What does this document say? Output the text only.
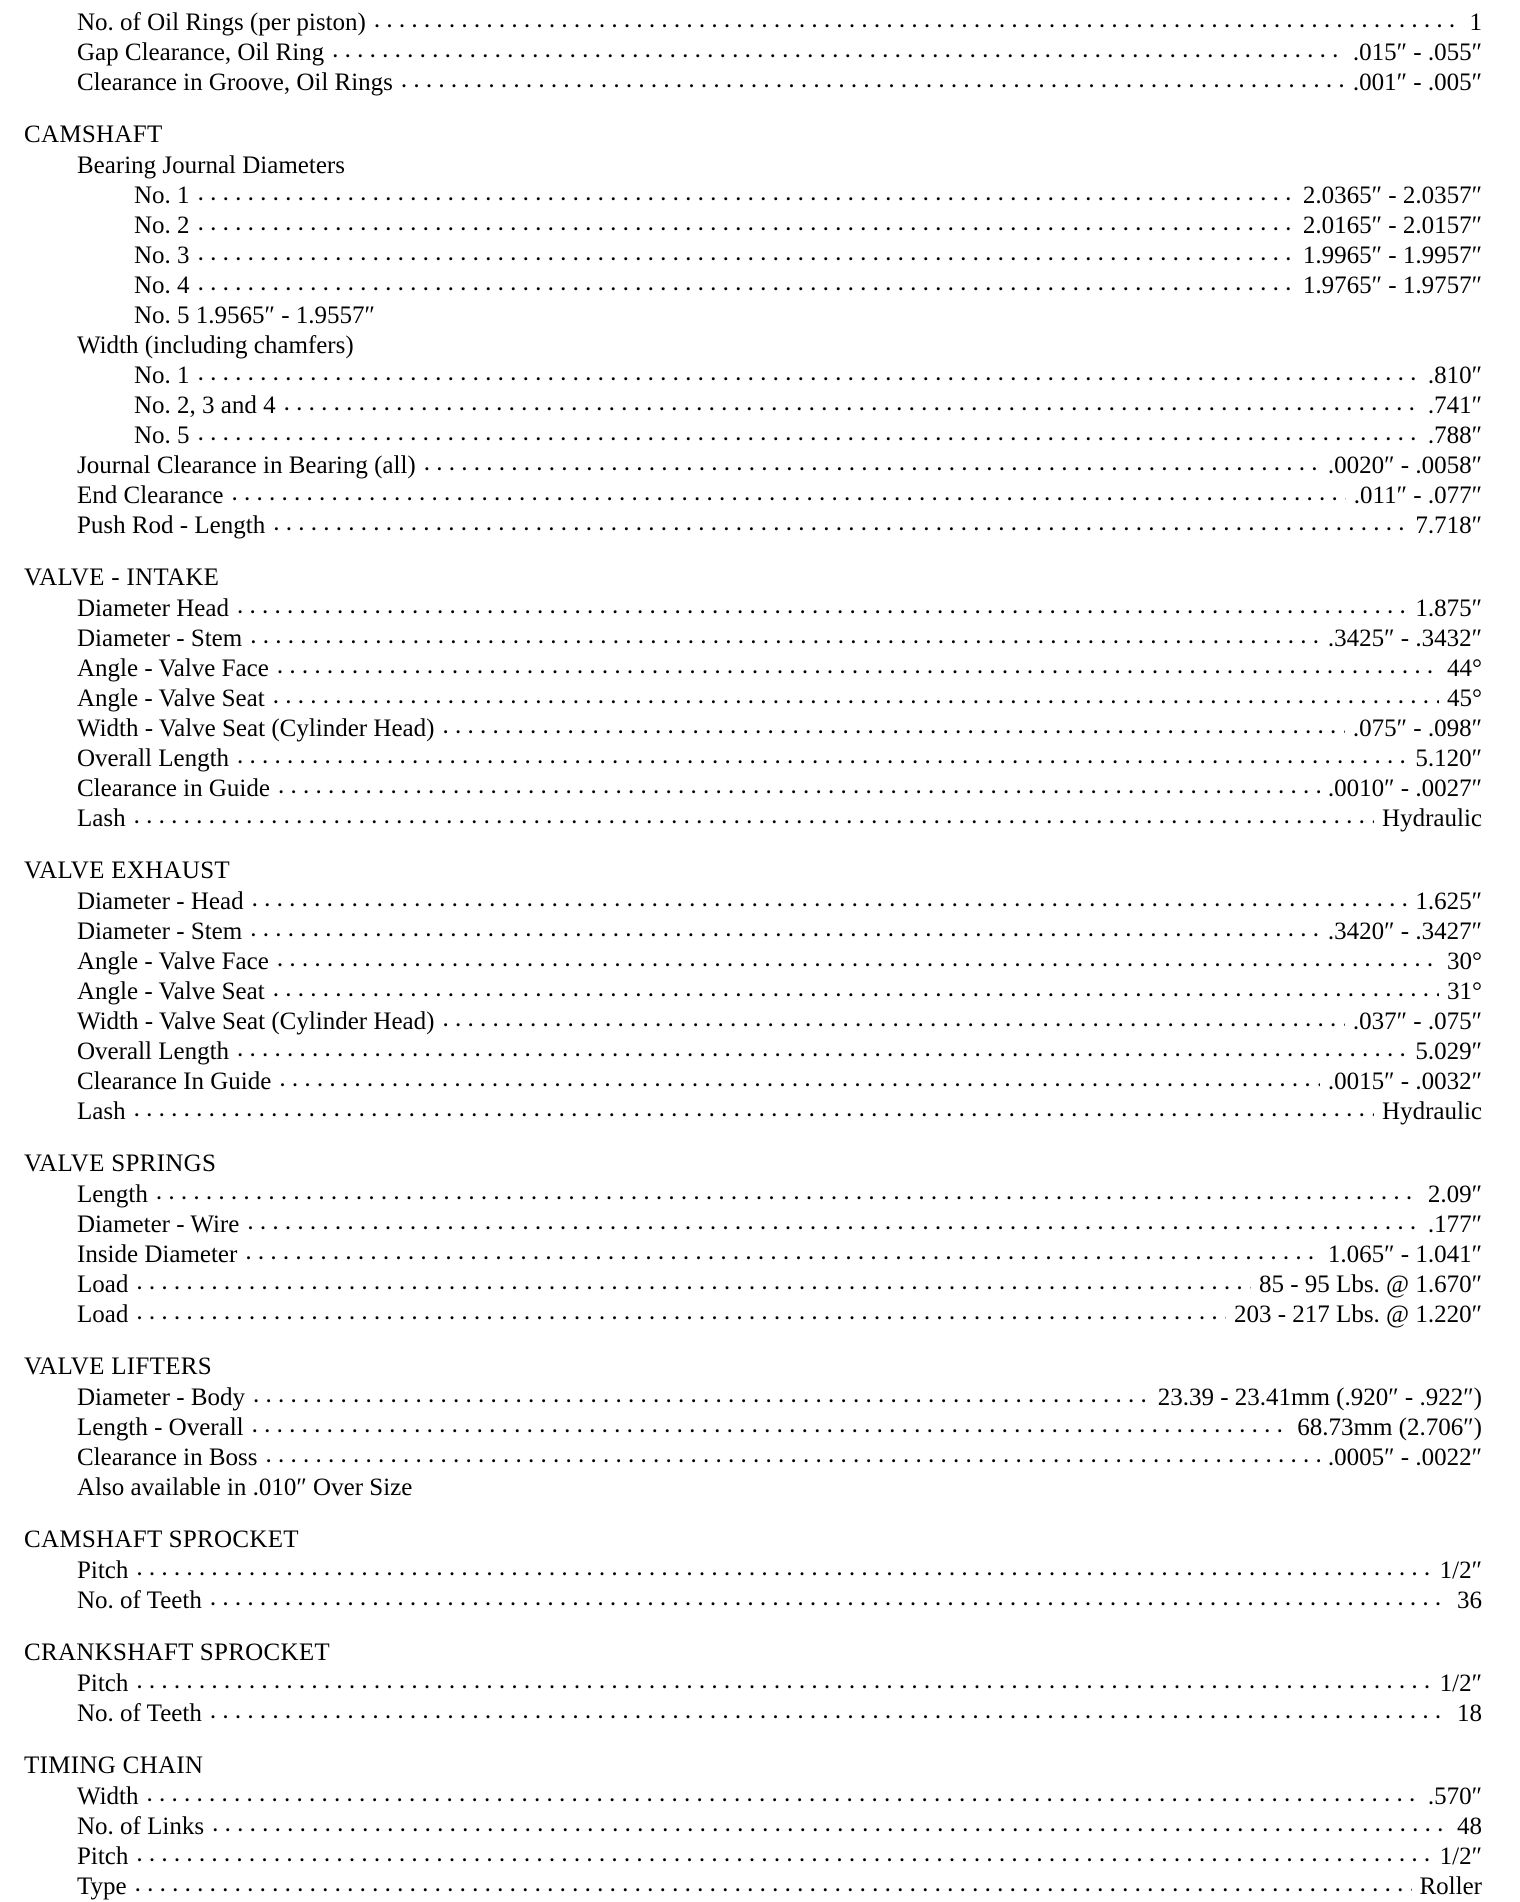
No. of Oil Rings (per piston) . . .	1
Gap Clearance, Oil Ring . . .	.015″ - .055″
Clearance in Groove, Oil Rings . . .	.001″ - .005″
CAMSHAFT
Bearing Journal Diameters
No. 1 . . .	2.0365″ - 2.0357″
No. 2 . . .	2.0165″ - 2.0157″
No. 3 . . .	1.9965″ - 1.9957″
No. 4 . . .	1.9765″ - 1.9757″
No. 5 1.9565″ - 1.9557″
Width (including chamfers)
No. 1 . . .	.810″
No. 2, 3 and 4 . . .	.741″
No. 5 . . .	.788″
Journal Clearance in Bearing (all) . . .	.0020″ - .0058″
End Clearance . . .	.011″ - .077″
Push Rod - Length . . .	7.718″
VALVE - INTAKE
Diameter Head . . .	1.875″
Diameter - Stem . . .	.3425″ - .3432″
Angle - Valve Face . . .	44°
Angle - Valve Seat . . .	45°
Width - Valve Seat (Cylinder Head) . . .	.075″ - .098″
Overall Length . . .	5.120″
Clearance in Guide . . .	.0010″ - .0027″
Lash . . .	Hydraulic
VALVE EXHAUST
Diameter - Head . . .	1.625″
Diameter - Stem . . .	.3420″ - .3427″
Angle - Valve Face . . .	30°
Angle - Valve Seat . . .	31°
Width - Valve Seat (Cylinder Head) . . .	.037″ - .075″
Overall Length . . .	5.029″
Clearance In Guide . . .	.0015″ - .0032″
Lash . . .	Hydraulic
VALVE SPRINGS
Length . . .	2.09″
Diameter - Wire . . .	.177″
Inside Diameter . . .	1.065″ - 1.041″
Load . . .	85 - 95 Lbs. @ 1.670″
Load . . .	203 - 217 Lbs. @ 1.220″
VALVE LIFTERS
Diameter - Body . . .	23.39 - 23.41mm (.920″ - .922″)
Length - Overall . . .	68.73mm (2.706″)
Clearance in Boss . . .	.0005″ - .0022″
Also available in .010″ Over Size
CAMSHAFT SPROCKET
Pitch . . .	1/2″
No. of Teeth . . .	36
CRANKSHAFT SPROCKET
Pitch . . .	1/2″
No. of Teeth . . .	18
TIMING CHAIN
Width . . .	.570″
No. of Links . . .	48
Pitch . . .	1/2″
Type . . .	Roller
